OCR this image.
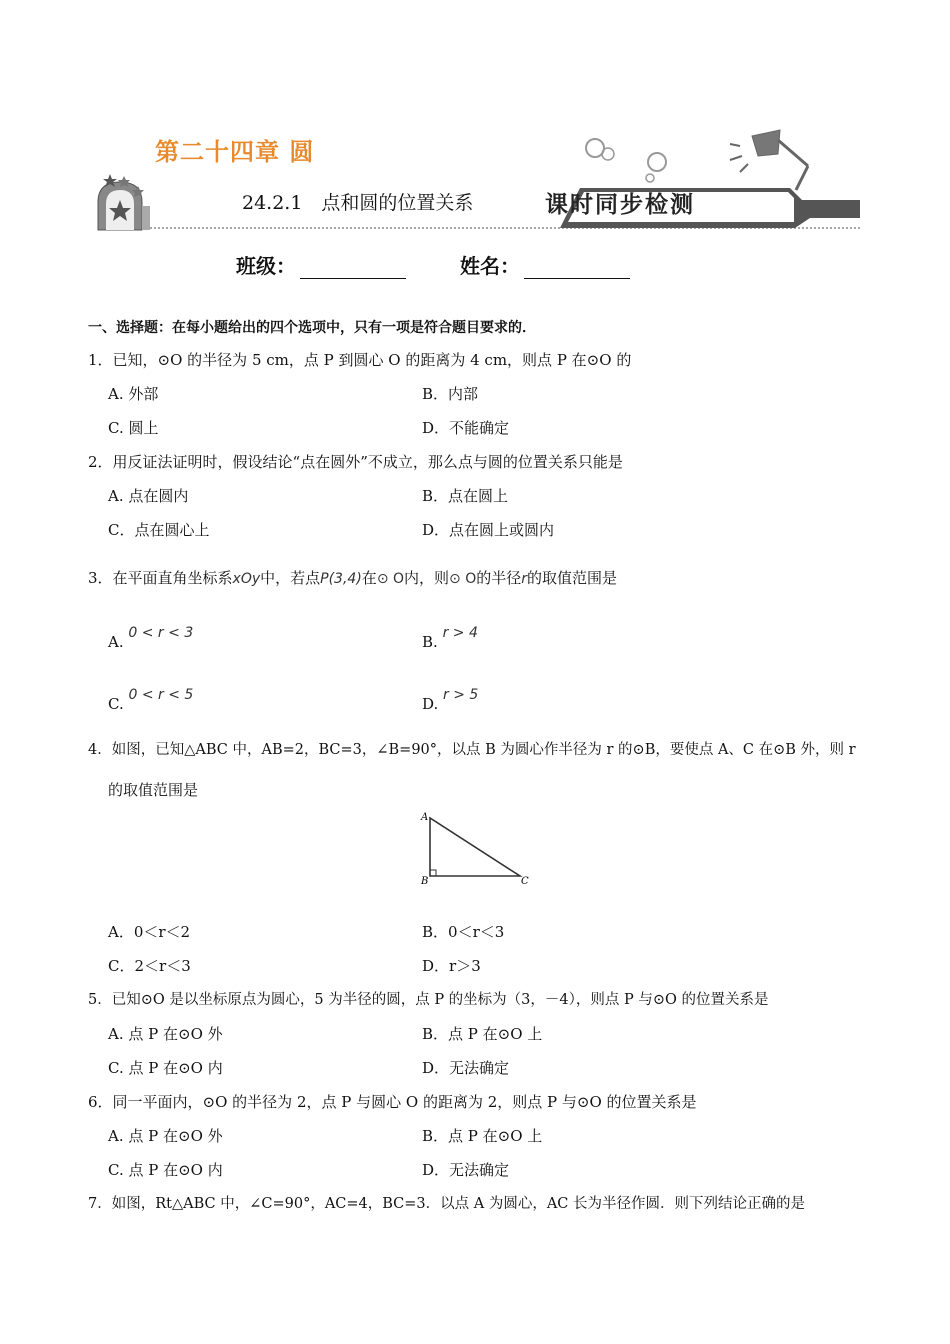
第二十四章 圆
24.2.1　点和圆的位置关系	课时同步检测
班级：	姓名：
一、选择题：在每小题给出的四个选项中，只有一项是符合题目要求的．
1．已知，⊙O 的半径为 5 cm，点 P 到圆心 O 的距离为 4 cm，则点 P 在⊙O 的
A. 外部	B．内部
C. 圆上	D．不能确定
2．用反证法证明时，假设结论“点在圆外”不成立，那么点与圆的位置关系只能是
A. 点在圆内	B．点在圆上
C．点在圆心上	D．点在圆上或圆内
3．在平面直角坐标系xOy中，若点P(3,4)在⊙ O内，则⊙ O的半径r的取值范围是
A. 0 < r < 3	B. r > 4
C. 0 < r < 5	D. r > 5
4．如图，已知△ABC 中，AB=2，BC=3，∠B=90°，以点 B 为圆心作半径为 r 的⊙B，要使点 A、C 在⊙B 外，则 r
的取值范围是
A
B	C
A．0＜r＜2	B．0＜r＜3
C．2＜r＜3	D．r＞3
5．已知⊙O 是以坐标原点为圆心，5 为半径的圆，点 P 的坐标为（3，－4），则点 P 与⊙O 的位置关系是
A. 点 P 在⊙O 外	B．点 P 在⊙O 上
C. 点 P 在⊙O 内	D．无法确定
6．同一平面内，⊙O 的半径为 2，点 P 与圆心 O 的距离为 2，则点 P 与⊙O 的位置关系是
A. 点 P 在⊙O 外	B．点 P 在⊙O 上
C. 点 P 在⊙O 内	D．无法确定
7．如图，Rt△ABC 中，∠C=90°，AC=4，BC=3．以点 A 为圆心，AC 长为半径作圆．则下列结论正确的是
